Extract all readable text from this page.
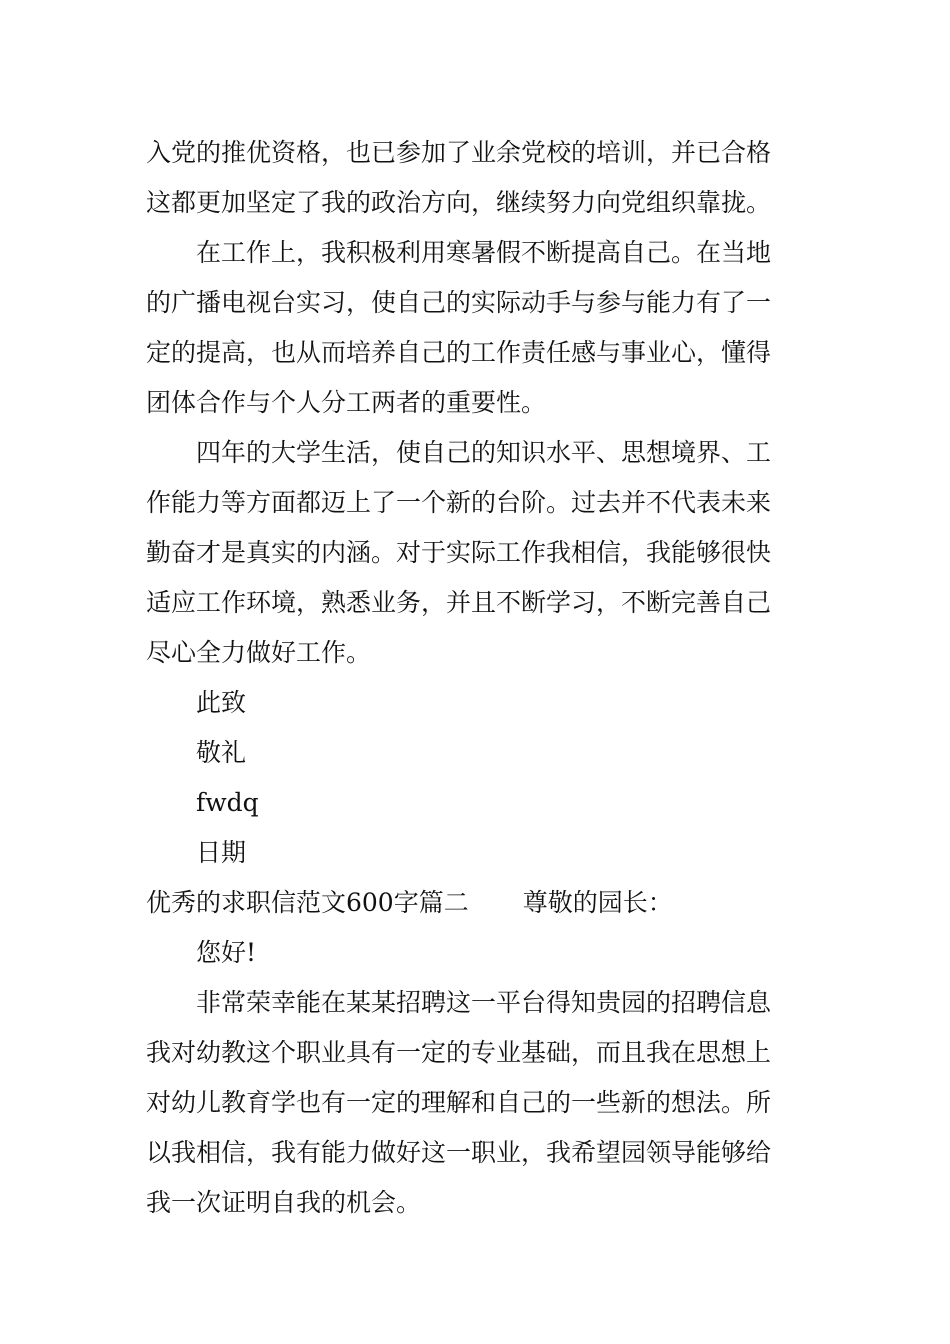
入党的推优资格，也已参加了业余党校的培训，并已合格
这都更加坚定了我的政治方向，继续努力向党组织靠拢。
在工作上，我积极利用寒暑假不断提高自己。在当地
的广播电视台实习，使自己的实际动手与参与能力有了一
定的提高，也从而培养自己的工作责任感与事业心，懂得
团体合作与个人分工两者的重要性。
四年的大学生活，使自己的知识水平、思想境界、工
作能力等方面都迈上了一个新的台阶。过去并不代表未来
勤奋才是真实的内涵。对于实际工作我相信，我能够很快
适应工作环境，熟悉业务，并且不断学习，不断完善自己
尽心全力做好工作。
此致
敬礼
fwdq
日期
优秀的求职信范文600字篇二 尊敬的园长：
您好!
非常荣幸能在某某招聘这一平台得知贵园的招聘信息
我对幼教这个职业具有一定的专业基础，而且我在思想上
对幼儿教育学也有一定的理解和自己的一些新的想法。所
以我相信，我有能力做好这一职业，我希望园领导能够给
我一次证明自我的机会。
